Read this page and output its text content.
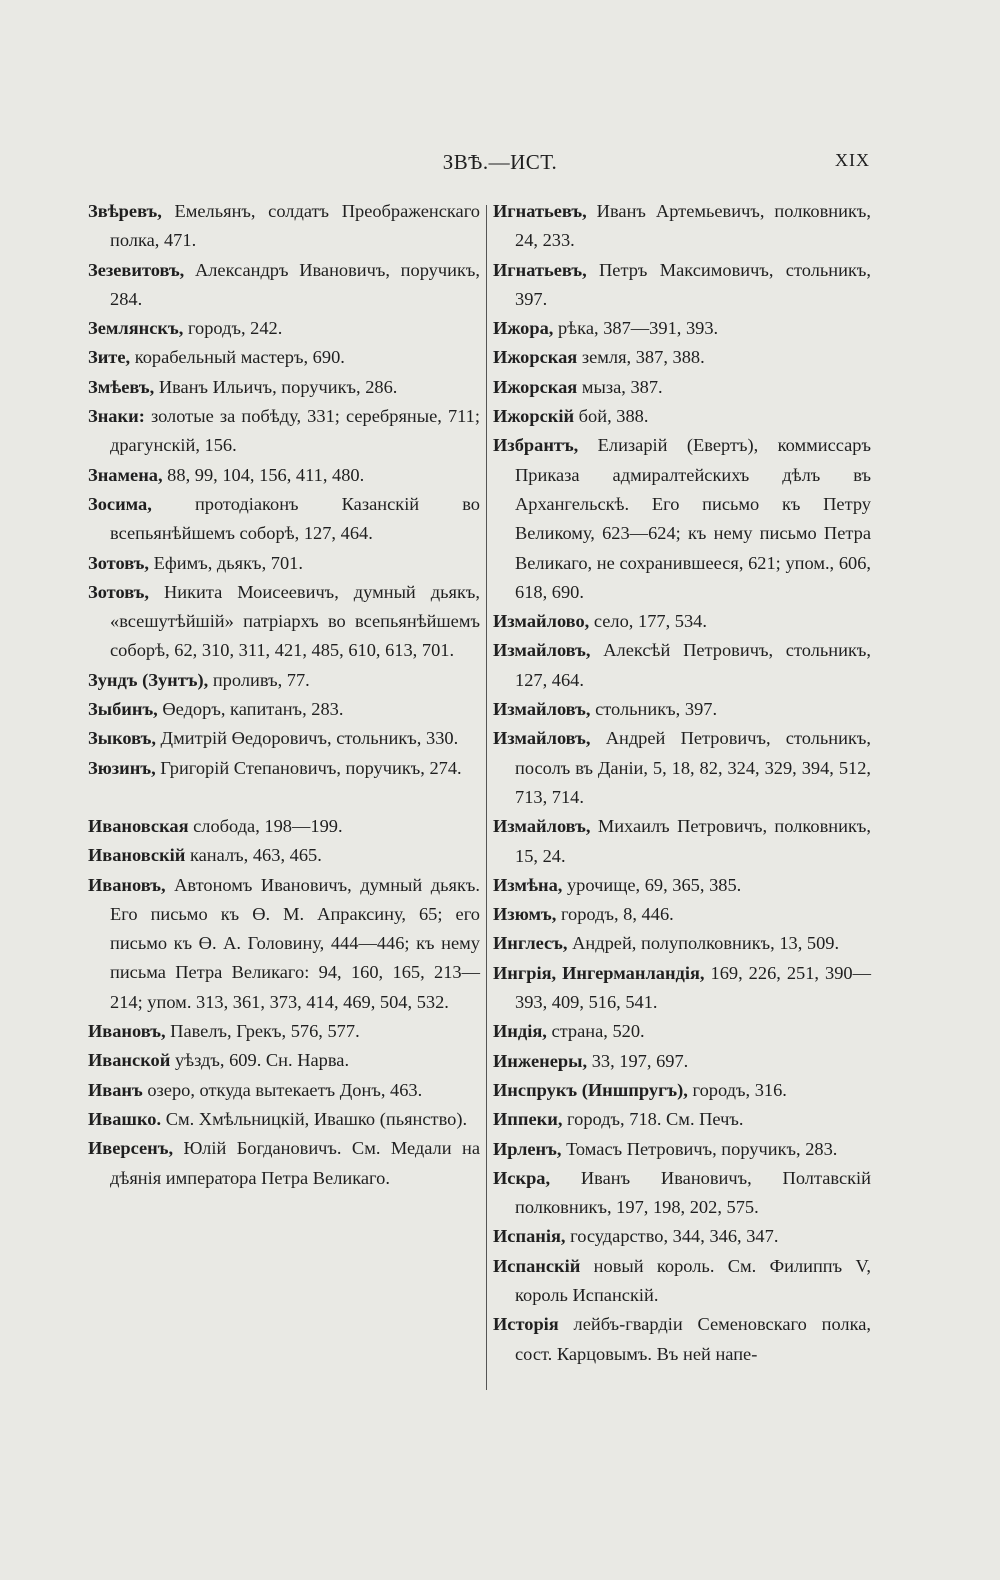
ЗВѢ.—ИСТ.	XIX

Звѣревъ, Емельянъ, солдатъ Преображенскаго полка, 471.

Зезевитовъ, Александръ Ивановичъ, поручикъ, 284.

Землянскъ, городъ, 242.

Зите, корабельный мастеръ, 690.

Змѣевъ, Иванъ Ильичъ, поручикъ, 286.

Знаки: золотые за побѣду, 331; серебряные, 711; драгунскій, 156.

Знамена, 88, 99, 104, 156, 411, 480.

Зосима, протодіаконъ Казанскій во всепьянѣйшемъ соборѣ, 127, 464.

Зотовъ, Ефимъ, дьякъ, 701.

Зотовъ, Никита Моисеевичъ, думный дьякъ, «всешутѣйшій» патріархъ во всепьянѣйшемъ соборѣ, 62, 310, 311, 421, 485, 610, 613, 701.

Зундъ (Зунтъ), проливъ, 77.

Зыбинъ, Өедоръ, капитанъ, 283.

Зыковъ, Дмитрій Өедоровичъ, стольникъ, 330.

Зюзинъ, Григорій Степановичъ, поручикъ, 274.

Ивановская слобода, 198—199.

Ивановскій каналъ, 463, 465.

Ивановъ, Автономъ Ивановичъ, думный дьякъ. Его письмо къ Ө. М. Апраксину, 65; его письмо къ Ө. А. Головину, 444—446; къ нему письма Петра Великаго: 94, 160, 165, 213—214; упом. 313, 361, 373, 414, 469, 504, 532.

Ивановъ, Павелъ, Грекъ, 576, 577.

Иванской уѣздъ, 609. Сн. Нарва.

Иванъ озеро, откуда вытекаетъ Донъ, 463.

Ивашко. См. Хмѣльницкій, Ивашко (пьянство).

Иверсенъ, Юлій Богдановичъ. См. Медали на дѣянія императора Петра Великаго.

Игнатьевъ, Иванъ Артемьевичъ, полковникъ, 24, 233.

Игнатьевъ, Петръ Максимовичъ, стольникъ, 397.

Ижора, рѣка, 387—391, 393.

Ижорская земля, 387, 388.

Ижорская мыза, 387.

Ижорскій бой, 388.

Избрантъ, Елизарій (Евертъ), коммиссаръ Приказа адмиралтейскихъ дѣлъ въ Архангельскѣ. Его письмо къ Петру Великому, 623—624; къ нему письмо Петра Великаго, не сохранившееся, 621; упом., 606, 618, 690.

Измайлово, село, 177, 534.

Измайловъ, Алексѣй Петровичъ, стольникъ, 127, 464.

Измайловъ, стольникъ, 397.

Измайловъ, Андрей Петровичъ, стольникъ, посолъ въ Даніи, 5, 18, 82, 324, 329, 394, 512, 713, 714.

Измайловъ, Михаилъ Петровичъ, полковникъ, 15, 24.

Измѣна, урочище, 69, 365, 385.

Изюмъ, городъ, 8, 446.

Инглесъ, Андрей, полуполковникъ, 13, 509.

Ингрія, Ингерманландія, 169, 226, 251, 390—393, 409, 516, 541.

Индія, страна, 520.

Инженеры, 33, 197, 697.

Инспрукъ (Иншпругъ), городъ, 316.

Иппеки, городъ, 718. См. Печъ.

Ирленъ, Томасъ Петровичъ, поручикъ, 283.

Искра, Иванъ Ивановичъ, Полтавскій полковникъ, 197, 198, 202, 575.

Испанія, государство, 344, 346, 347.

Испанскій новый король. См. Филиппъ V, король Испанскій.

Исторія лейбъ-гвардіи Семеновскаго полка, сост. Карцовымъ. Въ ней напе-
